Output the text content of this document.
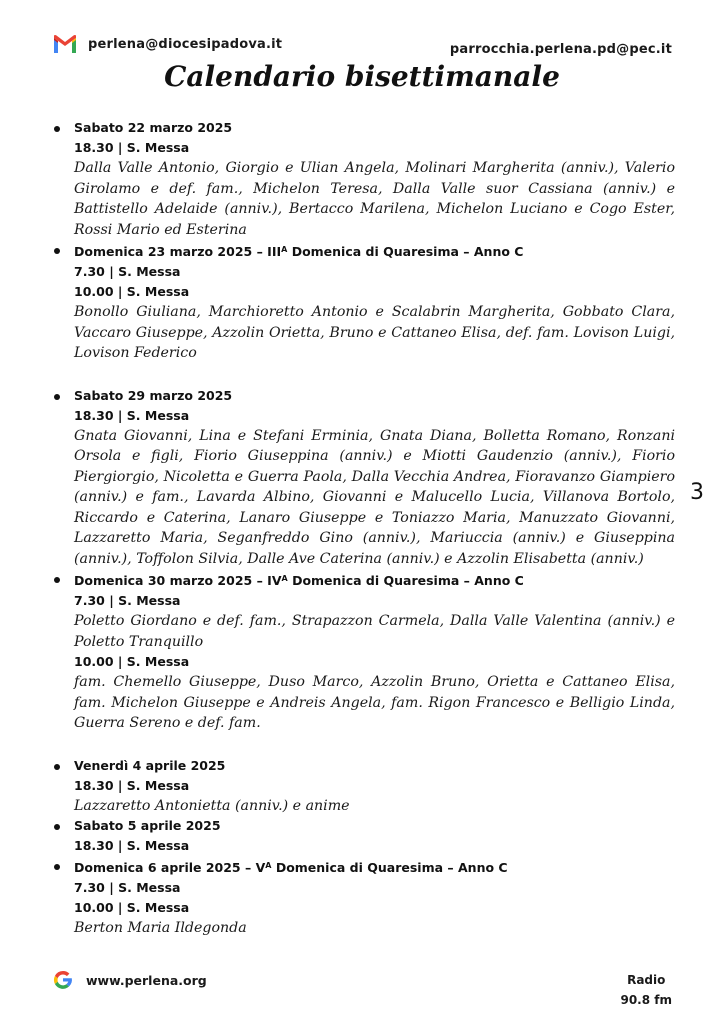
perlena@diocesipadova.it	parrocchia.perlena.pd@pec.it
Calendario bisettimanale
Sabato 22 marzo 2025
18.30 | S. Messa
Dalla Valle Antonio, Giorgio e Ulian Angela, Molinari Margherita (anniv.), Valerio Girolamo e def. fam., Michelon Teresa, Dalla Valle suor Cassiana (anniv.) e Battistello Adelaide (anniv.), Bertacco Marilena, Michelon Luciano e Cogo Ester, Rossi Mario ed Esterina
Domenica 23 marzo $2025 - III^A$ Domenica di Quaresima – Anno C
7.30 | S. Messa
10.00 | S. Messa
Bonollo Giuliana, Marchioretto Antonio e Scalabrin Margherita, Gobbato Clara, Vaccaro Giuseppe, Azzolin Orietta, Bruno e Cattaneo Elisa, def. fam. Lovison Luigi, Lovison Federico
Sabato 29 marzo 2025
18.30 | S. Messa
Gnata Giovanni, Lina e Stefani Erminia, Gnata Diana, Bolletta Romano, Ronzani Orsola e figli, Fiorio Giuseppina (anniv.) e Miotti Gaudenzio (anniv.), Fiorio Piergiorgio, Nicoletta e Guerra Paola, Dalla Vecchia Andrea, Fioravanzo Giampiero (anniv.) e fam., Lavarda Albino, Giovanni e Malucello Lucia, Villanova Bortolo, Riccardo e Caterina, Lanaro Giuseppe e Toniazzo Maria, Manuzzato Giovanni, Lazzaretto Maria, Seganfreddo Gino (anniv.), Mariuccia (anniv.) e Giuseppina (anniv.), Toffolon Silvia, Dalle Ave Caterina (anniv.) e Azzolin Elisabetta (anniv.)
Domenica 30 marzo $2025 - IV^A$ Domenica di Quaresima – Anno C
7.30 | S. Messa
Poletto Giordano e def. fam., Strapazzon Carmela, Dalla Valle Valentina (anniv.) e Poletto Tranquillo
10.00 | S. Messa
fam. Chemello Giuseppe, Duso Marco, Azzolin Bruno, Orietta e Cattaneo Elisa, fam. Michelon Giuseppe e Andreis Angela, fam. Rigon Francesco e Belligio Linda, Guerra Sereno e def. fam.
Venerdì 4 aprile 2025
18.30 | S. Messa
Lazzaretto Antonietta (anniv.) e anime
Sabato 5 aprile 2025
18.30 | S. Messa
Domenica 6 aprile $2025 - V^A$ Domenica di Quaresima – Anno C
7.30 | S. Messa
10.00 | S. Messa
Berton Maria Ildegonda
3
www.perlena.org	Radio
90.8 fm
